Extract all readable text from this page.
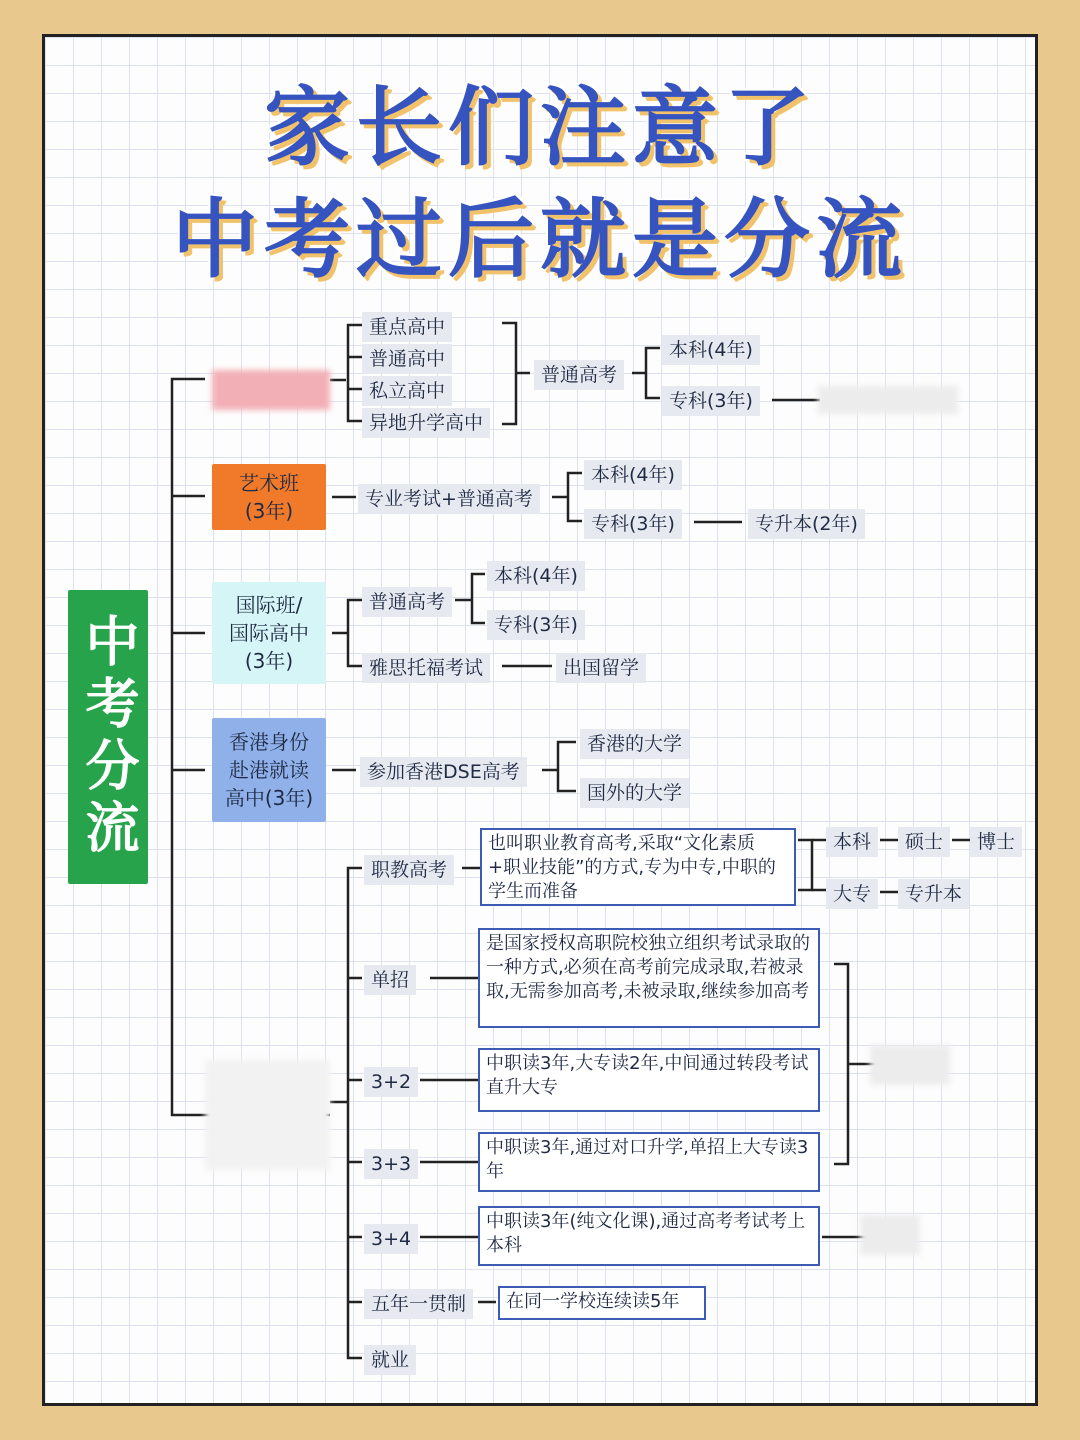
家长们注意了
中考过后就是分流
中考分流
重点高中
普通高中
私立高中
异地升学高中
普通高考
本科(4年)
专科(3年)
艺术班
(3年)	专业考试+普通高考
本科(4年)
专科(3年)	专升本(2年)
国际班/
国际高中
(3年)
普通高考
本科(4年)
专科(3年)
雅思托福考试	出国留学
香港身份
赴港就读
高中(3年)
参加香港DSE高考
香港的大学
国外的大学
职教高考
也叫职业教育高考,采取“文化素质+职业技能”的方式,专为中专,中职的学生而准备
本科	硕士	博士
大专	专升本
单招
是国家授权高职院校独立组织考试录取的一种方式,必须在高考前完成录取,若被录取,无需参加高考,未被录取,继续参加高考
3+2
中职读3年,大专读2年,中间通过转段考试直升大专
3+3
中职读3年,通过对口升学,单招上大专读3年
3+4
中职读3年(纯文化课),通过高考考试考上本科
五年一贯制	在同一学校连续读5年
就业
